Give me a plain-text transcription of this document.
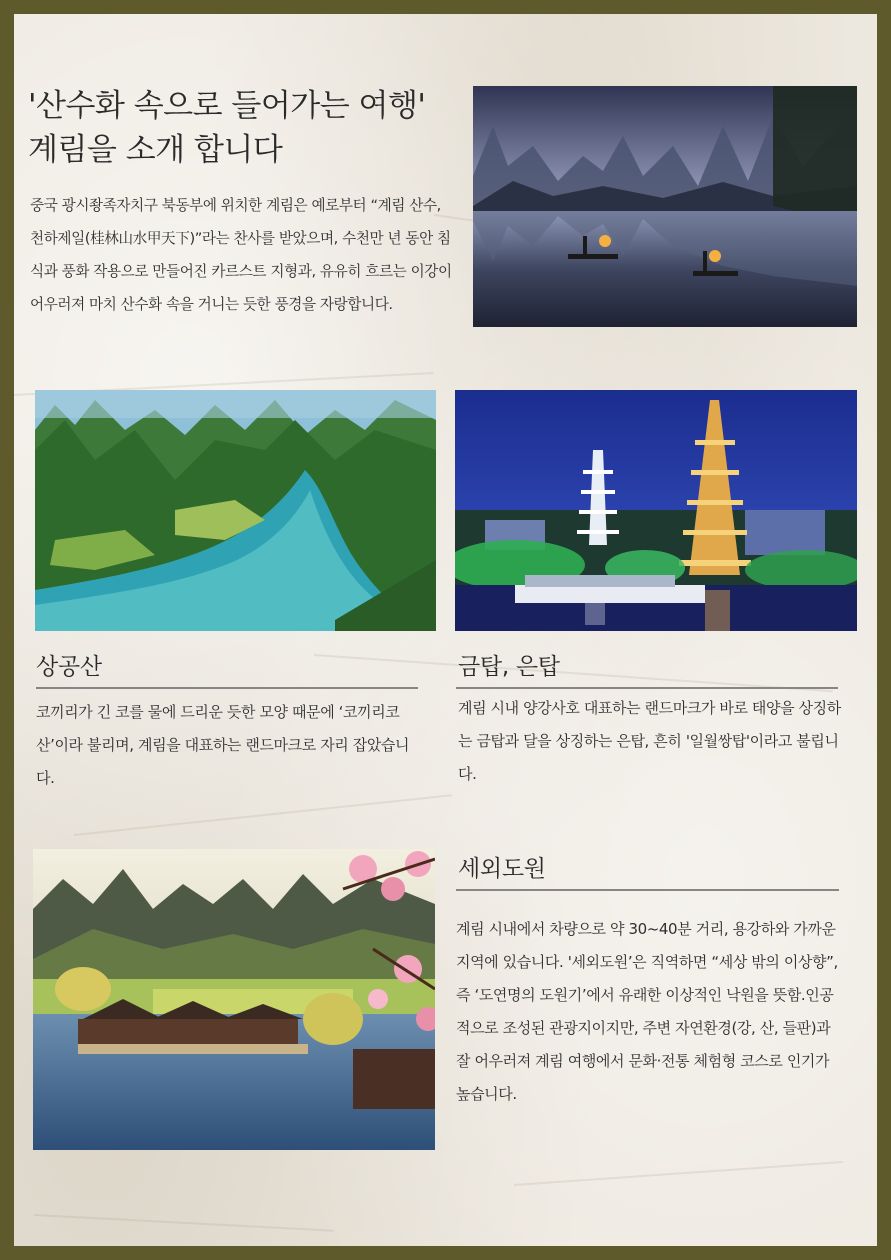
'산수화 속으로 들어가는 여행'
계림을 소개 합니다
중국 광시좡족자치구 북동부에 위치한 계림은 예로부터 “계림 산수, 천하제일(桂林山水甲天下)”라는 찬사를 받았으며, 수천만 년 동안 침식과 풍화 작용으로 만들어진 카르스트 지형과, 유유히 흐르는 이강이 어우러져 마치 산수화 속을 거니는 듯한 풍경을 자랑합니다.
상공산
코끼리가 긴 코를 물에 드리운 듯한 모양 때문에 ‘코끼리코산’이라 불리며, 계림을 대표하는 랜드마크로 자리 잡았습니다.
금탑, 은탑
계림 시내 양강사호 대표하는 랜드마크가 바로 태양을 상징하는 금탑과 달을 상징하는 은탑, 흔히 '일월쌍탑'이라고 불립니다.
세외도원
계림 시내에서 차량으로 약 30~40분 거리, 용강하와 가까운 지역에 있습니다. '세외도원’은 직역하면 “세상 밖의 이상향”, 즉 ‘도연명의 도원기’에서 유래한 이상적인 낙원을 뜻함.인공적으로 조성된 관광지이지만, 주변 자연환경(강, 산, 들판)과 잘 어우러져 계림 여행에서 문화·전통 체험형 코스로 인기가 높습니다.
